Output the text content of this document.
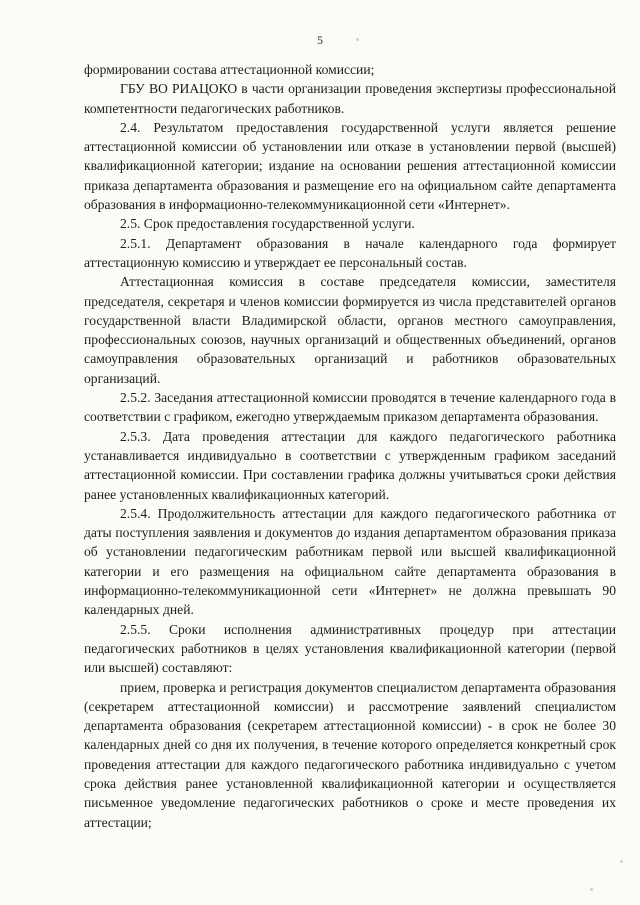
5

формировании состава аттестационной комиссии;

ГБУ ВО РИАЦОКО в части организации проведения экспертизы профессиональной компетентности педагогических работников.

2.4. Результатом предоставления государственной услуги является решение аттестационной комиссии об установлении или отказе в установлении первой (высшей) квалификационной категории; издание на основании решения аттестационной комиссии приказа департамента образования и размещение его на официальном сайте департамента образования в информационно-телекоммуникационной сети «Интернет».

2.5. Срок предоставления государственной услуги.

2.5.1. Департамент образования в начале календарного года формирует аттестационную комиссию и утверждает ее персональный состав.

Аттестационная комиссия в составе председателя комиссии, заместителя председателя, секретаря и членов комиссии формируется из числа представителей органов государственной власти Владимирской области, органов местного самоуправления, профессиональных союзов, научных организаций и общественных объединений, органов самоуправления образовательных организаций и работников образовательных организаций.

2.5.2. Заседания аттестационной комиссии проводятся в течение календарного года в соответствии с графиком, ежегодно утверждаемым приказом департамента образования.

2.5.3. Дата проведения аттестации для каждого педагогического работника устанавливается индивидуально в соответствии с утвержденным графиком заседаний аттестационной комиссии. При составлении графика должны учитываться сроки действия ранее установленных квалификационных категорий.

2.5.4. Продолжительность аттестации для каждого педагогического работника от даты поступления заявления и документов до издания департаментом образования приказа об установлении педагогическим работникам первой или высшей квалификационной категории и его размещения на официальном сайте департамента образования в информационно-телекоммуникационной сети «Интернет» не должна превышать 90 календарных дней.

2.5.5. Сроки исполнения административных процедур при аттестации педагогических работников в целях установления квалификационной категории (первой или высшей) составляют:

прием, проверка и регистрация документов специалистом департамента образования (секретарем аттестационной комиссии) и рассмотрение заявлений специалистом департамента образования (секретарем аттестационной комиссии) - в срок не более 30 календарных дней со дня их получения, в течение которого определяется конкретный срок проведения аттестации для каждого педагогического работника индивидуально с учетом срока действия ранее установленной квалификационной категории и осуществляется письменное уведомление педагогических работников о сроке и месте проведения их аттестации;
